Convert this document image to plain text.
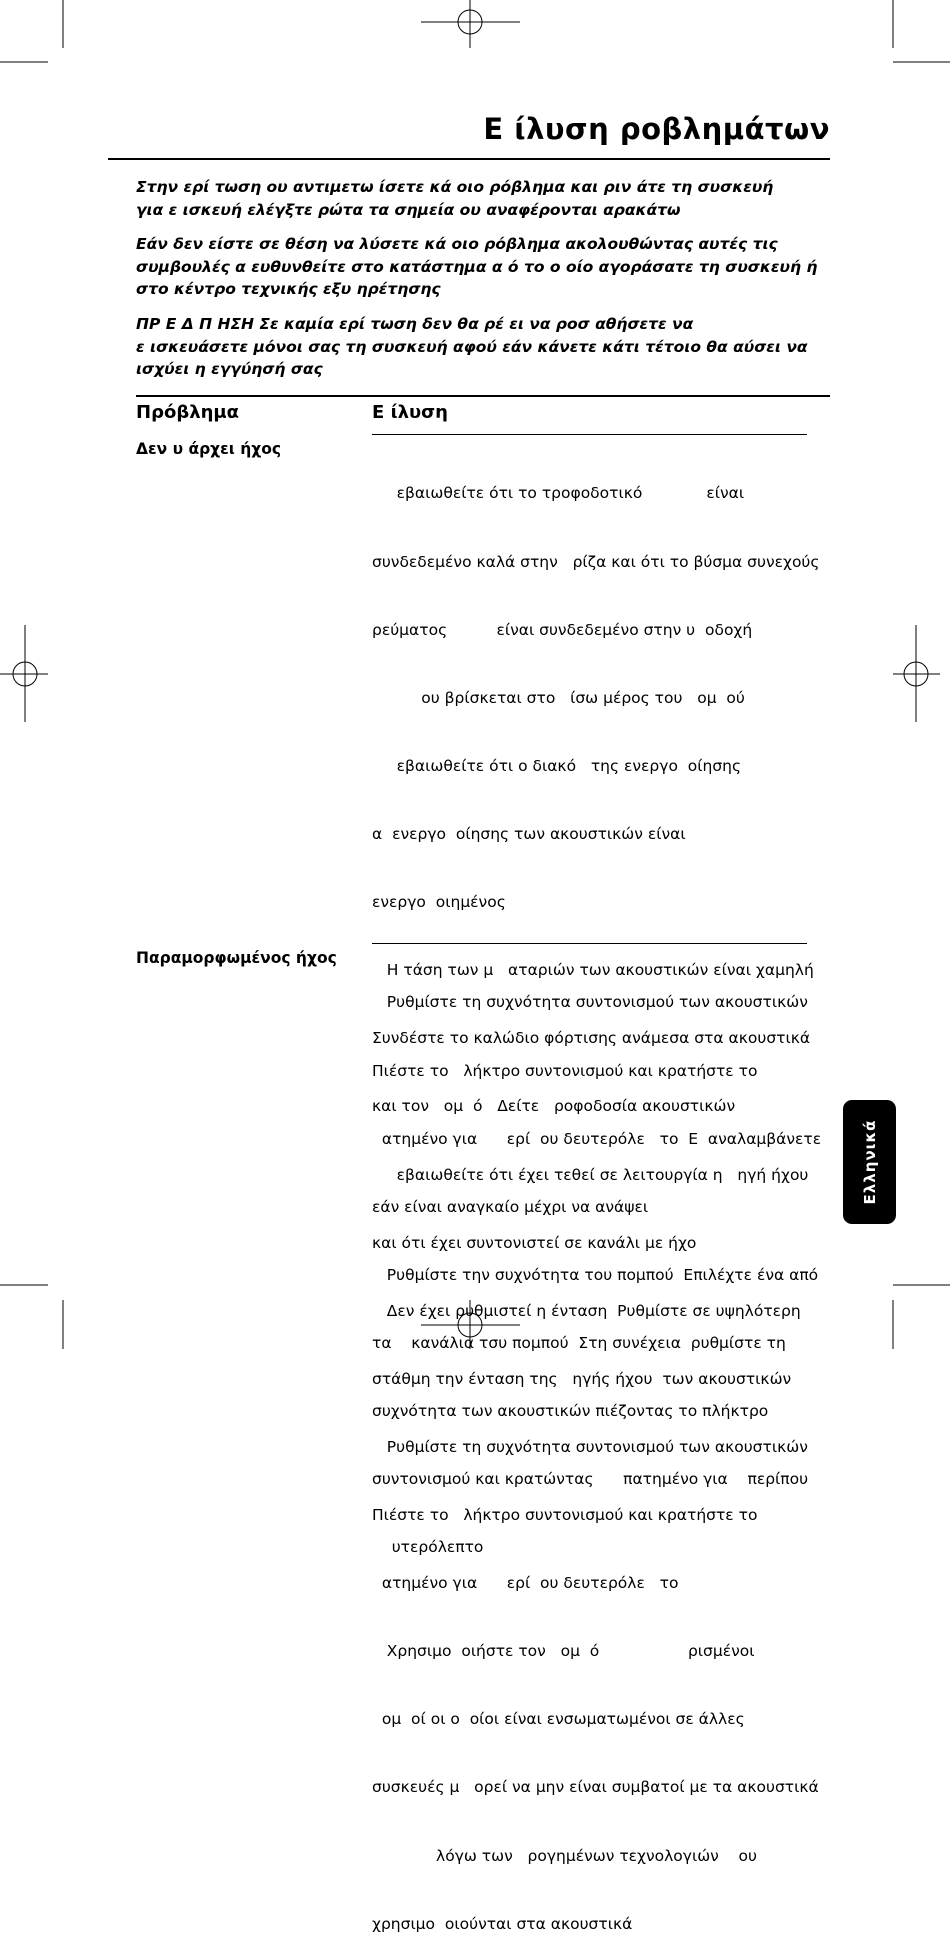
Ε ίλυση ροβλημάτων
Στην ερί τωση ου αντιμετω ίσετε κά οιο ρόβλημα και ριν άτε τη συσκευή
για ε ισκευή ελέγξτε ρώτα τα σημεία ου αναφέρονται αρακάτω
Εάν δεν είστε σε θέση να λύσετε κά οιο ρόβλημα ακολουθώντας αυτές τις
συμβουλές α ευθυνθείτε στο κατάστημα α ό το ο οίο αγοράσατε τη συσκευή ή
στο κέντρο τεχνικής εξυ ηρέτησης
ΠΡ Ε Δ Π ΗΣΗ Σε καμία ερί τωση δεν θα ρέ ει να ροσ αθήσετε να
ε ισκευάσετε μόνοι σας τη συσκευή αφού εάν κάνετε κάτι τέτοιο θα αύσει να
ισχύει η εγγύησή σας
Πρόβλημα	Ε ίλυση
Δεν υ άρχει ήχος

εβαιωθείτε ότι το τροφοδοτικό             είναι

συνδεδεμένο καλά στην   ρίζα και ότι το βύσμα συνεχούς

ρεύματος          είναι συνδεδεμένο στην υ  οδοχή

ου βρίσκεται στο   ίσω μέρος του   ομ  ού

εβαιωθείτε ότι ο διακό   της ενεργο  οίησης

α  ενεργο  οίησης των ακουστικών είναι

ενεργο  οιημένος

Η τάση των μ   αταριών των ακουστικών είναι χαμηλή

Συνδέστε το καλώδιο φόρτισης ανάμεσα στα ακουστικά

και τον   ομ  ό   Δείτε   ροφοδοσία ακουστικών

εβαιωθείτε ότι έχει τεθεί σε λειτουργία η   ηγή ήχου

και ότι έχει συντονιστεί σε κανάλι με ήχο

Δεν έχει ρυθμιστεί η ένταση  Ρυθμίστε σε υψηλότερη

στάθμη την ένταση της   ηγής ήχου  των ακουστικών

Ρυθμίστε τη συχνότητα συντονισμού των ακουστικών

Πιέστε το   λήκτρο συντονισμού και κρατήστε το

ατημένο για      ερί  ου δευτερόλε   το

Χρησιμο  οιήστε τον   ομ  ό                  ρισμένοι

ομ  οί οι ο  οίοι είναι ενσωματωμένοι σε άλλες

συσκευές μ   ορεί να μην είναι συμβατοί με τα ακουστικά

λόγω των   ρογημένων τεχνολογιών    ου

χρησιμο  οιούνται στα ακουστικά

Παραμορφωμένος ήχος

Ρυθμίστε τη συχνότητα συντονισμού των ακουστικών

Πιέστε το   λήκτρο συντονισμού και κρατήστε το

ατημένο για      ερί  ου δευτερόλε   το  Ε  αναλαμβάνετε

εάν είναι αναγκαίο μέχρι να ανάψει

Ρυθμίστε την συχνότητα του πομπού  Επιλέχτε ένα από

τα    κανάλια τσυ πομπού  Στη συνέχεια  ρυθμίστε τη

συχνότητα των ακουστικών πιέζοντας το πλήκτρο

συντονισμού και κρατώντας      πατημένο για    περίπου

υτερόλεπτο

Ελληνικά
